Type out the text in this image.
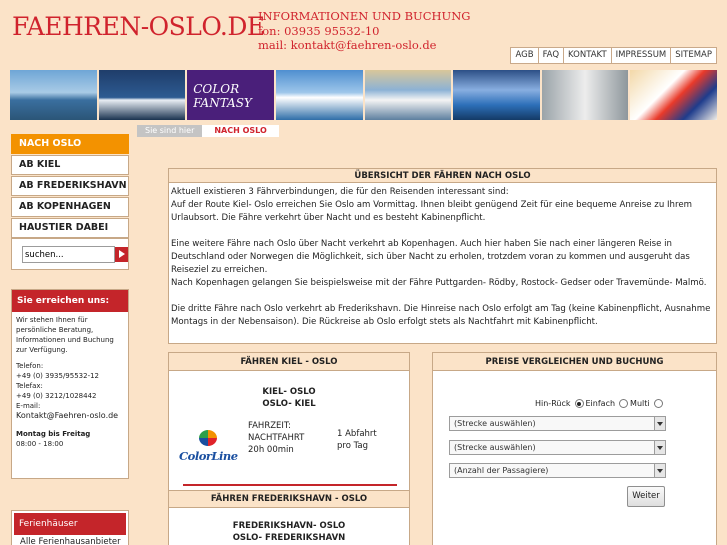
FAEHREN-OSLO.DE
INFORMATIONEN UND BUCHUNG
fon: 03935 95532-10
mail: kontakt@faehren-oslo.de
AGB	FAQ	KONTAKT	IMPRESSUM	SITEMAP
COLOR FANTASY
NACH OSLO
AB KIEL
AB FREDERIKSHAVN
AB KOPENHAGEN
HAUSTIER DABEI
suchen...
Sie erreichen uns:
Wir stehen Ihnen für persönliche Beratung, Informationen und Buchung zur Verfügung.
Telefon:
+49 (0) 3935/95532-12
Telefax:
+49 (0) 3212/1028442
E-mail:
Kontakt@Faehren-oslo.de
Montag bis Freitag
08:00 - 18:00
Ferienhäuser
Alle Ferienhausanbieter
Sie sind hier	NACH OSLO
ÜBERSICHT DER FÄHREN NACH OSLO
Aktuell existieren 3 Fährverbindungen, die für den Reisenden interessant sind:
Auf der Route Kiel- Oslo erreichen Sie Oslo am Vormittag. Ihnen bleibt genügend Zeit für eine bequeme Anreise zu Ihrem Urlaubsort. Die Fähre verkehrt über Nacht und es besteht Kabinenpflicht.

Eine weitere Fähre nach Oslo über Nacht verkehrt ab Kopenhagen. Auch hier haben Sie nach einer längeren Reise in Deutschland oder Norwegen die Möglichkeit, sich über Nacht zu erholen, trotzdem voran zu kommen und ausgeruht das Reiseziel zu erreichen.
Nach Kopenhagen gelangen Sie beispielsweise mit der Fähre Puttgarden- Rödby, Rostock- Gedser oder Travemünde- Malmö.

Die dritte Fähre nach Oslo verkehrt ab Frederikshavn. Die Hinreise nach Oslo erfolgt am Tag (keine Kabinenpflicht, Ausnahme Montags in der Nebensaison). Die Rückreise ab Oslo erfolgt stets als Nachtfahrt mit Kabinenpflicht.
FÄHREN KIEL - OSLO
KIEL- OSLO
OSLO- KIEL
ColorLine
FAHRZEIT:
NACHTFAHRT
20h 00min
1 Abfahrt
pro Tag
FÄHREN FREDERIKSHAVN - OSLO
FREDERIKSHAVN- OSLO
OSLO- FREDERIKSHAVN
PREISE VERGLEICHEN UND BUCHUNG
Hin-Rück Einfach Multi
(Strecke auswählen)
(Strecke auswählen)
(Anzahl der Passagiere)
Weiter
